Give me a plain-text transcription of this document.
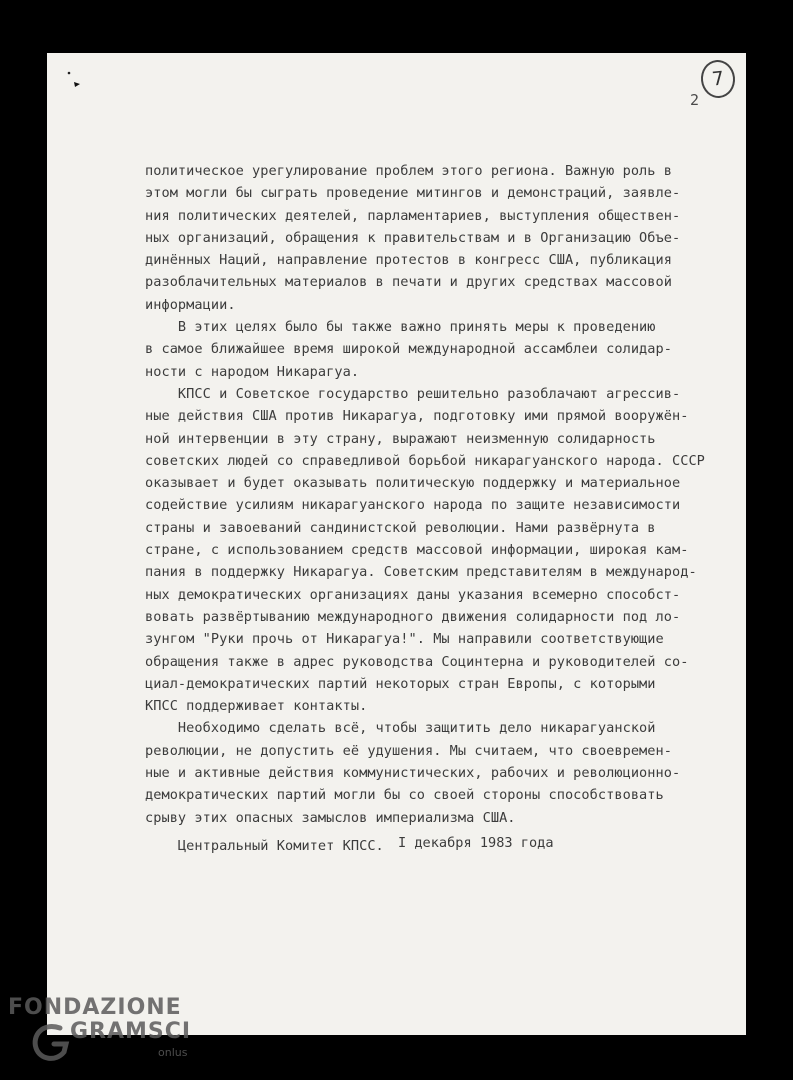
7
2
политическое урегулирование проблем этого региона. Важную роль в
этом могли бы сыграть проведение митингов и демонстраций, заявле-
ния политических деятелей, парламентариев, выступления обществен-
ных организаций, обращения к правительствам и в Организацию Объе-
динённых Наций, направление протестов в конгресс США, публикация
разоблачительных материалов в печати и других средствах массовой
информации.
В этих целях было бы также важно принять меры к проведению
в самое ближайшее время широкой международной ассамблеи солидар-
ности с народом Никарагуа.
КПСС и Советское государство решительно разоблачают агрессив-
ные действия США против Никарагуа, подготовку ими прямой вооружён-
ной интервенции в эту страну, выражают неизменную солидарность
советских людей со справедливой борьбой никарагуанского народа. СССР
оказывает и будет оказывать политическую поддержку и материальное
содействие усилиям никарагуанского народа по защите независимости
страны и завоеваний сандинистской революции. Нами развёрнута в
стране, с использованием средств массовой информации, широкая кам-
пания в поддержку Никарагуа. Советским представителям в международ-
ных демократических организациях даны указания всемерно способст-
вовать развёртыванию международного движения солидарности под ло-
зунгом "Руки прочь от Никарагуа!". Мы направили соответствующие
обращения также в адрес руководства Социнтерна и руководителей со-
циал-демократических партий некоторых стран Европы, с которыми
КПСС поддерживает контакты.
Необходимо сделать всё, чтобы защитить дело никарагуанской
революции, не допустить её удушения. Мы считаем, что своевремен-
ные и активные действия коммунистических, рабочих и революционно-
демократических партий могли бы со своей стороны способствовать
срыву этих опасных замыслов империализма США.
Центральный Комитет КПСС.	I декабря 1983 года
FONDAZIONE
GRAMSCI
onlus
